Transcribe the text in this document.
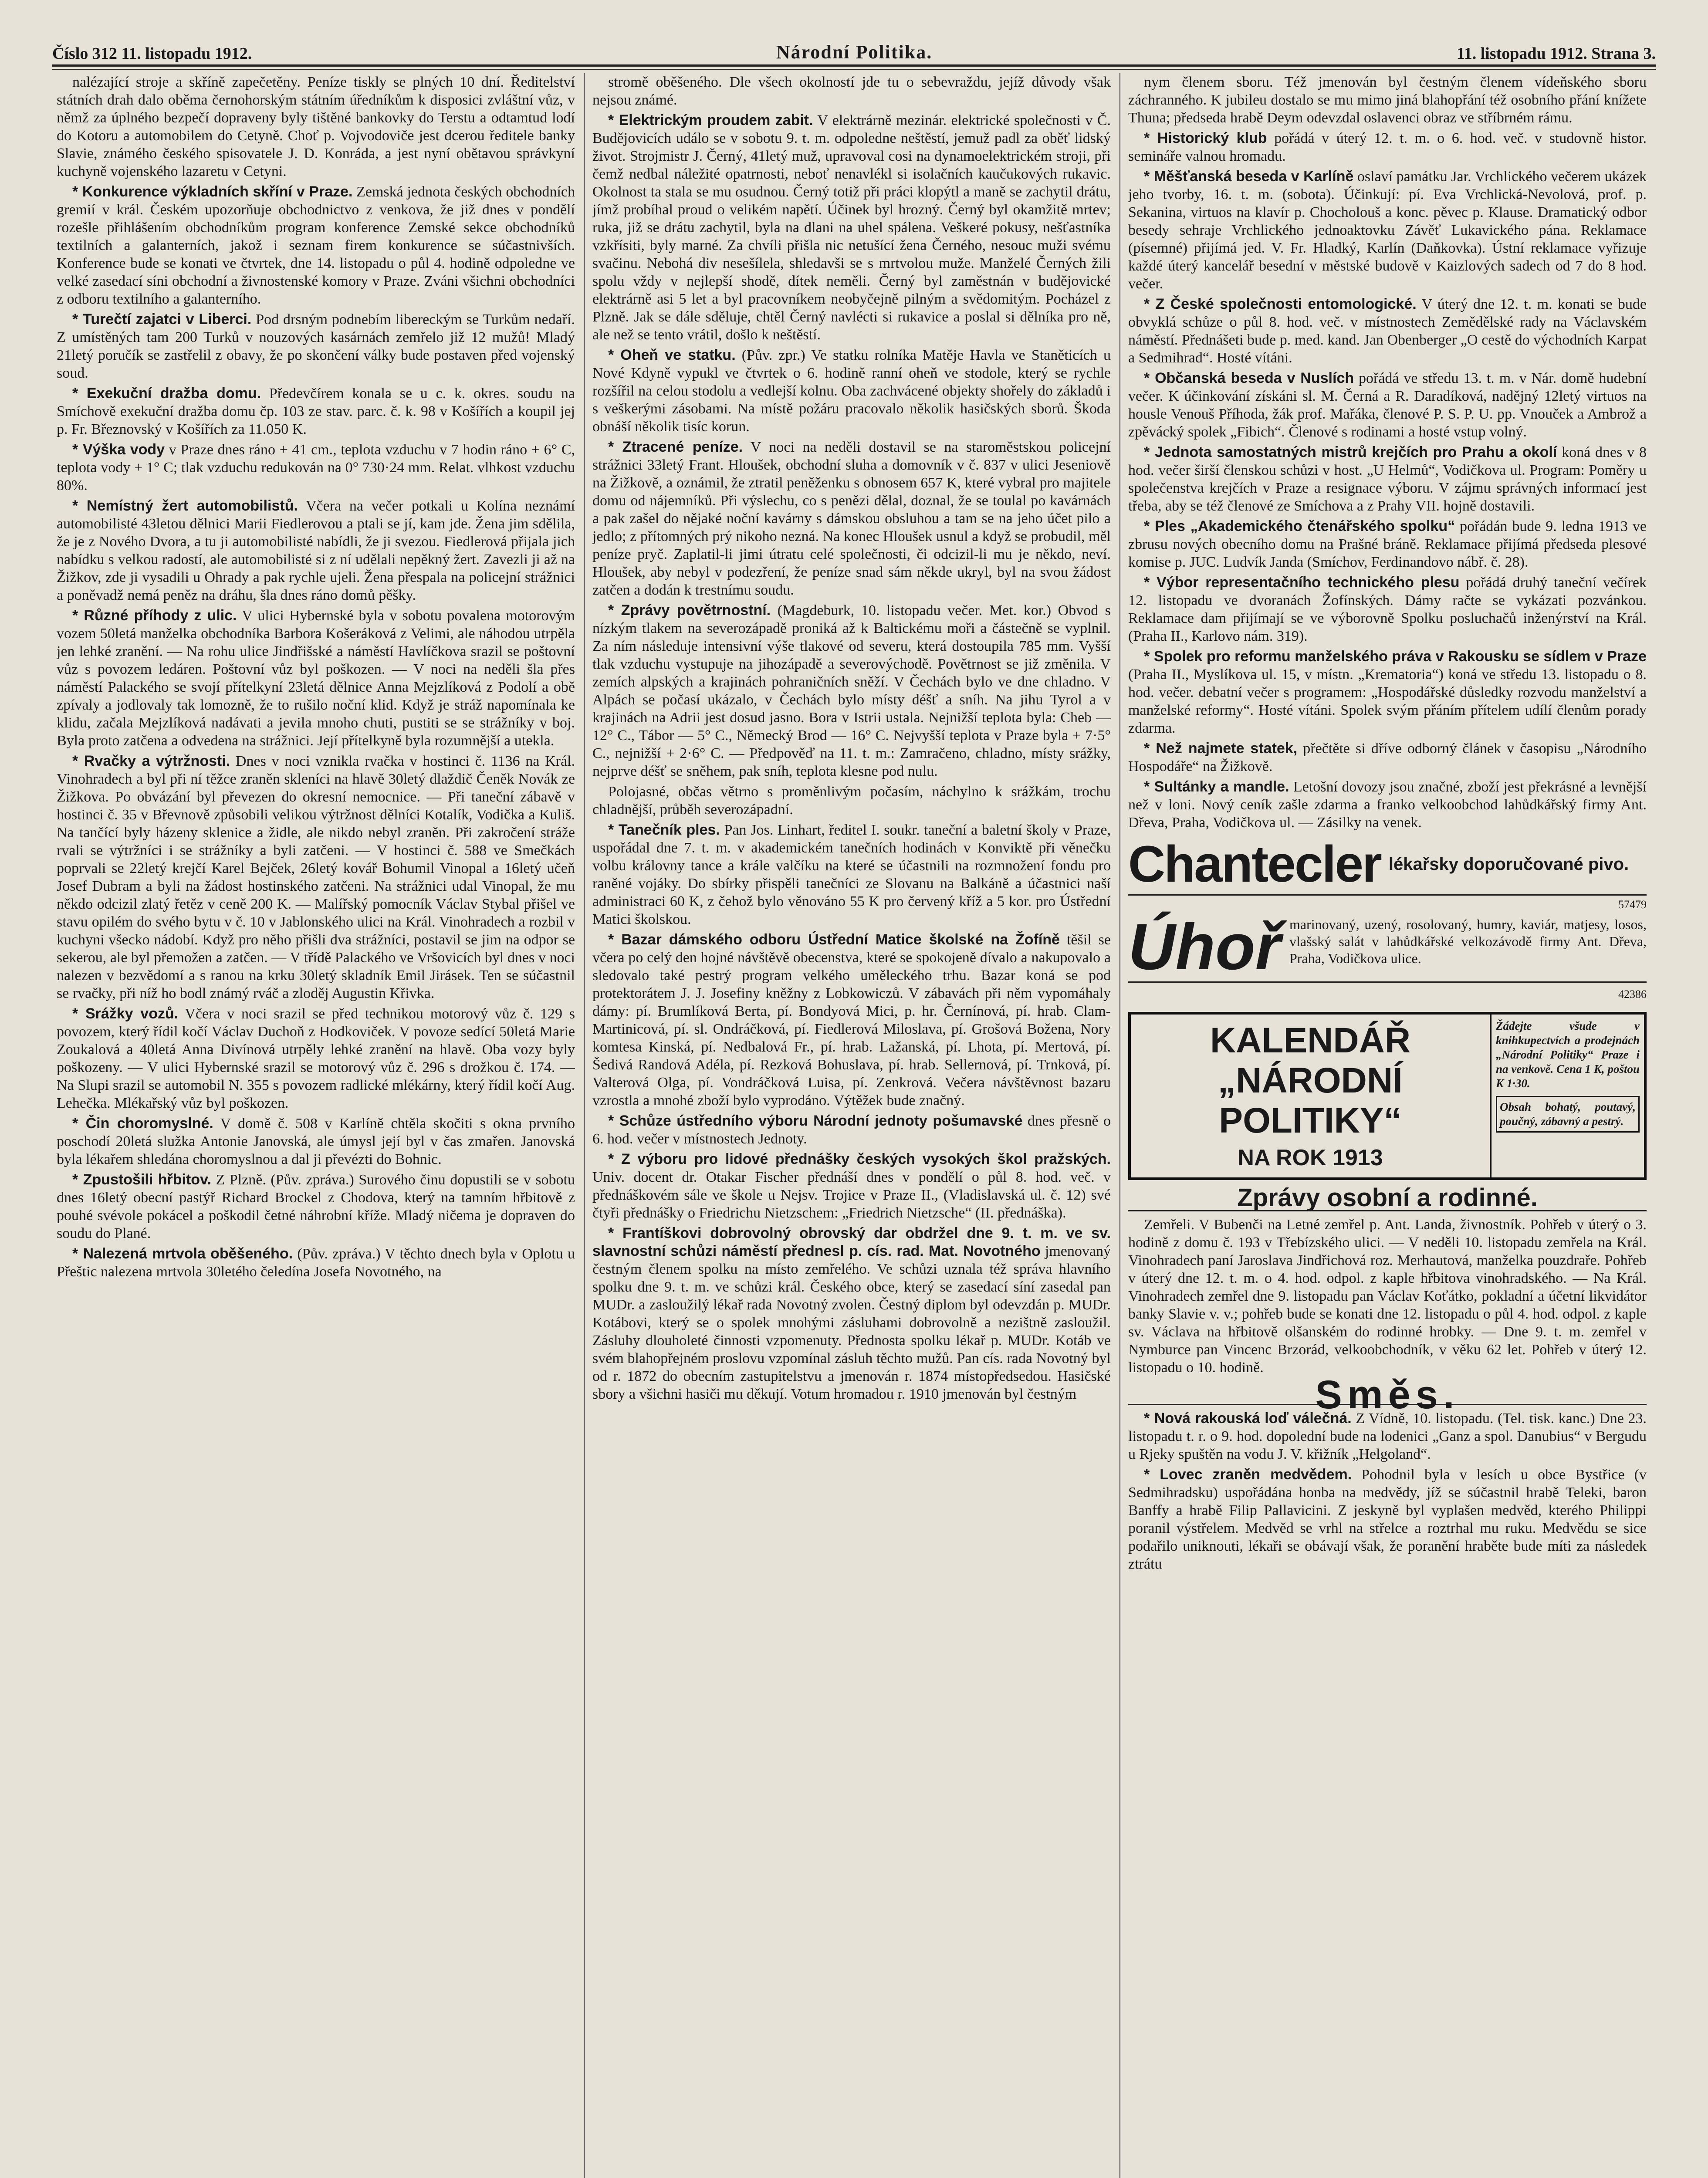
Číslo 312 11. listopadu 1912.	Národní Politika.	11. listopadu 1912. Strana 3.

nalézající stroje a skříně zapečetěny. Peníze tiskly se plných 10 dní. Ředitelství státních drah dalo oběma černohorským státním úředníkům k disposici zvláštní vůz, v němž za úplného bezpečí dopraveny byly tištěné bankovky do Terstu a odtamtud lodí do Kotoru a automobilem do Cetyně. Choť p. Vojvodoviče jest dcerou ředitele banky Slavie, známého českého spisovatele J. D. Konráda, a jest nyní obětavou správkyní kuchyně vojenského lazaretu v Cetyni.

* Konkurence výkladních skříní v Praze. Zemská jednota českých obchodních gremií v král. Českém upozorňuje obchodnictvo z venkova, že již dnes v pondělí rozešle přihlášením obchodníkům program konference Zemské sekce obchodníků textilních a galanterních, jakož i seznam firem konkurence se súčastnivších. Konference bude se konati ve čtvrtek, dne 14. listopadu o půl 4. hodině odpoledne ve velké zasedací síni obchodní a živnostenské komory v Praze. Zváni všichni obchodníci z odboru textilního a galanterního.

* Turečtí zajatci v Liberci. Pod drsným podnebím libereckým se Turkům nedaří. Z umístěných tam 200 Turků v nouzových kasárnách zemřelo již 12 mužů! Mladý 21letý poručík se zastřelil z obavy, že po skončení války bude postaven před vojenský soud.

* Exekuční dražba domu. Předevčírem konala se u c. k. okres. soudu na Smíchově exekuční dražba domu čp. 103 ze stav. parc. č. k. 98 v Košířích a koupil jej p. Fr. Březnovský v Košířích za 11.050 K.

* Výška vody v Praze dnes ráno + 41 cm., teplota vzduchu v 7 hodin ráno + 6° C, teplota vody + 1° C; tlak vzduchu redukován na 0° 730·24 mm. Relat. vlhkost vzduchu 80%.

* Nemístný žert automobilistů. Včera na večer potkali u Kolína neznámí automobilisté 43letou dělnici Marii Fiedlerovou a ptali se jí, kam jde. Žena jim sdělila, že je z Nového Dvora, a tu ji automobilisté nabídli, že ji svezou. Fiedlerová přijala jich nabídku s velkou radostí, ale automobilisté si z ní udělali nepěkný žert. Zavezli ji až na Žižkov, zde ji vysadili u Ohrady a pak rychle ujeli. Žena přespala na policejní strážnici a poněvadž nemá peněz na dráhu, šla dnes ráno domů pěšky.

* Různé příhody z ulic. V ulici Hybernské byla v sobotu povalena motorovým vozem 50letá manželka obchodníka Barbora Košeráková z Velimi, ale náhodou utrpěla jen lehké zranění. — Na rohu ulice Jindřišské a náměstí Havlíčkova srazil se poštovní vůz s povozem ledáren. Poštovní vůz byl poškozen. — V noci na neděli šla přes náměstí Palackého se svojí přítelkyní 23letá dělnice Anna Mejzlíková z Podolí a obě zpívaly a jodlovaly tak lomozně, že to rušilo noční klid. Když je stráž napomínala ke klidu, začala Mejzlíková nadávati a jevila mnoho chuti, pustiti se se strážníky v boj. Byla proto zatčena a odvedena na strážnici. Její přítelkyně byla rozumnější a utekla.

* Rvačky a výtržnosti. Dnes v noci vznikla rvačka v hostinci č. 1136 na Král. Vinohradech a byl při ní těžce zraněn skleníci na hlavě 30letý dlaždič Čeněk Novák ze Žižkova. Po obvázání byl převezen do okresní nemocnice. — Při taneční zábavě v hostinci č. 35 v Břevnově způsobili velikou výtržnost dělníci Kotalík, Vodička a Kuliš. Na tančící byly házeny sklenice a židle, ale nikdo nebyl zraněn. Při zakročení stráže rvali se výtržníci i se strážníky a byli zatčeni. — V hostinci č. 588 ve Smečkách poprvali se 22letý krejčí Karel Bejček, 26letý kovář Bohumil Vinopal a 16letý učeň Josef Dubram a byli na žádost hostinského zatčeni. Na strážnici udal Vinopal, že mu někdo odcizil zlatý řetěz v ceně 200 K. — Malířský pomocník Václav Stybal přišel ve stavu opilém do svého bytu v č. 10 v Jablonského ulici na Král. Vinohradech a rozbil v kuchyni všecko nádobí. Když pro něho přišli dva strážníci, postavil se jim na odpor se sekerou, ale byl přemožen a zatčen. — V třídě Palackého ve Vršovicích byl dnes v noci nalezen v bezvědomí a s ranou na krku 30letý skladník Emil Jirásek. Ten se súčastnil se rvačky, při níž ho bodl známý rváč a zloděj Augustin Křivka.

* Srážky vozů. Včera v noci srazil se před technikou motorový vůz č. 129 s povozem, který řídil kočí Václav Duchoň z Hodkoviček. V povoze sedící 50letá Marie Zoukalová a 40letá Anna Divínová utrpěly lehké zranění na hlavě. Oba vozy byly poškozeny. — V ulici Hybernské srazil se motorový vůz č. 296 s drožkou č. 174. — Na Slupi srazil se automobil N. 355 s povozem radlické mlékárny, který řídil kočí Aug. Lehečka. Mlékařský vůz byl poškozen.

* Čin choromyslné. V domě č. 508 v Karlíně chtěla skočiti s okna prvního poschodí 20letá služka Antonie Janovská, ale úmysl její byl v čas zmařen. Janovská byla lékařem shledána choromyslnou a dal ji převézti do Bohnic.

* Zpustošili hřbitov. Z Plzně. (Pův. zpráva.) Surového činu dopustili se v sobotu dnes 16letý obecní pastýř Richard Brockel z Chodova, který na tamním hřbitově z pouhé svévole pokácel a poškodil četné náhrobní kříže. Mladý ničema je dopraven do soudu do Plané.

* Nalezená mrtvola oběšeného. (Pův. zpráva.) V těchto dnech byla v Oplotu u Přeštic nalezena mrtvola 30letého čeledína Josefa Novotného, na

stromě oběšeného. Dle všech okolností jde tu o sebevraždu, jejíž důvody však nejsou známé.

* Elektrickým proudem zabit. V elektrárně mezinár. elektrické společnosti v Č. Budějovicích událo se v sobotu 9. t. m. odpoledne neštěstí, jemuž padl za oběť lidský život. Strojmistr J. Černý, 41letý muž, upravoval cosi na dynamoelektrickém stroji, při čemž nedbal náležité opatrnosti, neboť nenavlékl si isolačních kaučukových rukavic. Okolnost ta stala se mu osudnou. Černý totiž při práci klopýtl a maně se zachytil drátu, jímž probíhal proud o velikém napětí. Účinek byl hrozný. Černý byl okamžitě mrtev; ruka, již se drátu zachytil, byla na dlani na uhel spálena. Veškeré pokusy, nešťastníka vzkřísiti, byly marné. Za chvíli přišla nic netušící žena Černého, nesouc muži svému svačinu. Nebohá div nesešílela, shledavši se s mrtvolou muže. Manželé Černých žili spolu vždy v nejlepší shodě, dítek neměli. Černý byl zaměstnán v budějovické elektrárně asi 5 let a byl pracovníkem neobyčejně pilným a svědomitým. Pocházel z Plzně. Jak se dále sděluje, chtěl Černý navlécti si rukavice a poslal si dělníka pro ně, ale než se tento vrátil, došlo k neštěstí.

* Oheň ve statku. (Pův. zpr.) Ve statku rolníka Matěje Havla ve Staněticích u Nové Kdyně vypukl ve čtvrtek o 6. hodině ranní oheň ve stodole, který se rychle rozšířil na celou stodolu a vedlejší kolnu. Oba zachvácené objekty shořely do základů i s veškerými zásobami. Na místě požáru pracovalo několik hasičských sborů. Škoda obnáší několik tisíc korun.

* Ztracené peníze. V noci na neděli dostavil se na staroměstskou policejní strážnici 33letý Frant. Hloušek, obchodní sluha a domovník v č. 837 v ulici Jeseniově na Žižkově, a oznámil, že ztratil peněženku s obnosem 657 K, které vybral pro majitele domu od nájemníků. Při výslechu, co s penězi dělal, doznal, že se toulal po kavárnách a pak zašel do nějaké noční kavárny s dámskou obsluhou a tam se na jeho účet pilo a jedlo; z přítomných prý nikoho nezná. Na konec Hloušek usnul a když se probudil, měl peníze pryč. Zaplatil-li jimi útratu celé společnosti, či odcizil-li mu je někdo, neví. Hloušek, aby nebyl v podezření, že peníze snad sám někde ukryl, byl na svou žádost zatčen a dodán k trestnímu soudu.

* Zprávy povětrnostní. (Magdeburk, 10. listopadu večer. Met. kor.) Obvod s nízkým tlakem na severozápadě proniká až k Baltickému moři a částečně se vyplnil. Za ním následuje intensivní výše tlakové od severu, která dostoupila 785 mm. Vyšší tlak vzduchu vystupuje na jihozápadě a severovýchodě. Povětrnost se již změnila. V zemích alpských a krajinách pohraničních sněží. V Čechách bylo ve dne chladno. V Alpách se počasí ukázalo, v Čechách bylo místy déšť a sníh. Na jihu Tyrol a v krajinách na Adrii jest dosud jasno. Bora v Istrii ustala. Nejnižší teplota byla: Cheb — 12° C., Tábor — 5° C., Německý Brod — 16° C. Nejvyšší teplota v Praze byla + 7·5° C., nejnižší + 2·6° C. — Předpověď na 11. t. m.: Zamračeno, chladno, místy srážky, nejprve déšť se sněhem, pak sníh, teplota klesne pod nulu.

Polojasné, občas větrno s proměnlivým počasím, náchylno k srážkám, trochu chladnější, průběh severozápadní.

* Tanečník ples. Pan Jos. Linhart, ředitel I. soukr. taneční a baletní školy v Praze, uspořádal dne 7. t. m. v akademickém tanečních hodinách v Konviktě při věnečku volbu královny tance a krále valčíku na které se účastnili na rozmnožení fondu pro raněné vojáky. Do sbírky přispěli tanečníci ze Slovanu na Balkáně a účastnici naší administraci 60 K, z čehož bylo věnováno 55 K pro červený kříž a 5 kor. pro Ústřední Matici školskou.

* Bazar dámského odboru Ústřední Matice školské na Žofíně těšil se včera po celý den hojné návštěvě obecenstva, které se spokojeně dívalo a nakupovalo a sledovalo také pestrý program velkého uměleckého trhu. Bazar koná se pod protektorátem J. J. Josefiny kněžny z Lobkowiczů. V zábavách při něm vypomáhaly dámy: pí. Brumlíková Berta, pí. Bondyová Mici, p. hr. Černínová, pí. hrab. Clam-Martinicová, pí. sl. Ondráčková, pí. Fiedlerová Miloslava, pí. Grošová Božena, Nory komtesa Kinská, pí. Nedbalová Fr., pí. hrab. Lažanská, pí. Lhota, pí. Mertová, pí. Šedivá Randová Adéla, pí. Rezková Bohuslava, pí. hrab. Sellernová, pí. Trnková, pí. Valterová Olga, pí. Vondráčková Luisa, pí. Zenkrová. Večera návštěvnost bazaru vzrostla a mnohé zboží bylo vyprodáno. Výtěžek bude značný.

* Schůze ústředního výboru Národní jednoty pošumavské dnes přesně o 6. hod. večer v místnostech Jednoty.

* Z výboru pro lidové přednášky českých vysokých škol pražských. Univ. docent dr. Otakar Fischer přednáší dnes v pondělí o půl 8. hod. več. v přednáškovém sále ve škole u Nejsv. Trojice v Praze II., (Vladislavská ul. č. 12) své čtyři přednášky o Friedrichu Nietzschem: „Friedrich Nietzsche“ (II. přednáška).

* Frantíškovi dobrovolný obrovský dar obdržel dne 9. t. m. ve sv. slavnostní schůzi náměstí přednesl p. cís. rad. Mat. Novotného jmenovaný čestným členem spolku na místo zemřelého. Ve schůzi uznala též správa hlavního spolku dne 9. t. m. ve schůzi král. Českého obce, který se zasedací síní zasedal pan MUDr. a zasloužilý lékař rada Novotný zvolen. Čestný diplom byl odevzdán p. MUDr. Kotábovi, který se o spolek mnohými zásluhami dobrovolně a nezištně zasloužil. Zásluhy dlouholeté činnosti vzpomenuty. Přednosta spolku lékař p. MUDr. Kotáb ve svém blahopřejném proslovu vzpomínal zásluh těchto mužů. Pan cís. rada Novotný byl od r. 1872 do obecním zastupitelstvu a jmenován r. 1874 místopředsedou. Hasičské sbory a všichni hasiči mu děkují. Votum hromadou r. 1910 jmenován byl čestným

nym členem sboru. Též jmenován byl čestným členem vídeňského sboru záchranného. K jubileu dostalo se mu mimo jiná blahopřání též osobního přání knížete Thuna; předseda hrabě Deym odevzdal oslavenci obraz ve stříbrném rámu.

* Historický klub pořádá v úterý 12. t. m. o 6. hod. več. v studovně histor. semináře valnou hromadu.

* Měšťanská beseda v Karlíně oslaví památku Jar. Vrchlického večerem ukázek jeho tvorby, 16. t. m. (sobota). Účinkují: pí. Eva Vrchlická-Nevolová, prof. p. Sekanina, virtuos na klavír p. Chocholouš a konc. pěvec p. Klause. Dramatický odbor besedy sehraje Vrchlického jednoaktovku Závěť Lukavického pána. Reklamace (písemné) přijímá jed. V. Fr. Hladký, Karlín (Daňkovka). Ústní reklamace vyřizuje každé úterý kancelář besední v městské budově v Kaizlových sadech od 7 do 8 hod. večer.

* Z České společnosti entomologické. V úterý dne 12. t. m. konati se bude obvyklá schůze o půl 8. hod. več. v místnostech Zemědělské rady na Václavském náměstí. Přednášeti bude p. med. kand. Jan Obenberger „O cestě do východních Karpat a Sedmihrad“. Hosté vítáni.

* Občanská beseda v Nuslích pořádá ve středu 13. t. m. v Nár. domě hudební večer. K účinkování získáni sl. M. Černá a R. Daradíková, nadějný 12letý virtuos na housle Venouš Příhoda, žák prof. Mařáka, členové P. S. P. U. pp. Vnouček a Ambrož a zpěvácký spolek „Fibich“. Členové s rodinami a hosté vstup volný.

* Jednota samostatných mistrů krejčích pro Prahu a okolí koná dnes v 8 hod. večer širší členskou schůzi v host. „U Helmů“, Vodičkova ul. Program: Poměry u společenstva krejčích v Praze a resignace výboru. V zájmu správných informací jest třeba, aby se též členové ze Smíchova a z Prahy VII. hojně dostavili.

* Ples „Akademického čtenářského spolku“ pořádán bude 9. ledna 1913 ve zbrusu nových obecního domu na Prašné bráně. Reklamace přijímá předseda plesové komise p. JUC. Ludvík Janda (Smíchov, Ferdinandovo nábř. č. 28).

* Výbor representačního technického plesu pořádá druhý taneční večírek 12. listopadu ve dvoranách Žofínských. Dámy račte se vykázati pozvánkou. Reklamace dam přijímají se ve výborovně Spolku posluchačů inženýrství na Král. (Praha II., Karlovo nám. 319).

* Spolek pro reformu manželského práva v Rakousku se sídlem v Praze (Praha II., Myslíkova ul. 15, v místn. „Krematoria“) koná ve středu 13. listopadu o 8. hod. večer. debatní večer s programem: „Hospodářské důsledky rozvodu manželství a manželské reformy“. Hosté vítáni. Spolek svým přáním přítelem udílí členům porady zdarma.

* Než najmete statek, přečtěte si dříve odborný článek v časopisu „Národního Hospodáře“ na Žižkově.

* Sultánky a mandle. Letošní dovozy jsou značné, zboží jest překrásné a levnější než v loni. Nový ceník zašle zdarma a franko velkoobchod lahůdkářský firmy Ant. Dřeva, Praha, Vodičkova ul. — Zásilky na venek.

Chantecler lékařsky doporučované pivo.
57479
Úhoř marinovaný, uzený, rosolovaný, humry, kaviár, matjesy, losos, vlašský salát v lahůdkářské velkozávodě firmy Ant. Dřeva, Praha, Vodičkova ulice.
42386
KALENDÁŘ
„NÁRODNÍ POLITIKY“
NA ROK 1913
Žádejte všude v knihkupectvích a prodejnách „Národní Politiky“ Praze i na venkově. Cena 1 K, poštou K 1·30.
Obsah bohatý, poutavý, poučný, zábavný a pestrý.
Zprávy osobní a rodinné.

Zemřeli. V Bubenči na Letné zemřel p. Ant. Landa, živnostník. Pohřeb v úterý o 3. hodině z domu č. 193 v Třebízského ulici. — V neděli 10. listopadu zemřela na Král. Vinohradech paní Jaroslava Jindřichová roz. Merhautová, manželka pouzdraře. Pohřeb v úterý dne 12. t. m. o 4. hod. odpol. z kaple hřbitova vinohradského. — Na Král. Vinohradech zemřel dne 9. listopadu pan Václav Koťátko, pokladní a účetní likvidátor banky Slavie v. v.; pohřeb bude se konati dne 12. listopadu o půl 4. hod. odpol. z kaple sv. Václava na hřbitově olšanském do rodinné hrobky. — Dne 9. t. m. zemřel v Nymburce pan Vincenc Brzorád, velkoobchodník, v věku 62 let. Pohřeb v úterý 12. listopadu o 10. hodině.

Směs.

* Nová rakouská loď válečná. Z Vídně, 10. listopadu. (Tel. tisk. kanc.) Dne 23. listopadu t. r. o 9. hod. dopolední bude na lodenici „Ganz a spol. Danubius“ v Bergudu u Rjeky spuštěn na vodu J. V. křižník „Helgoland“.

* Lovec zraněn medvědem. Pohodnil byla v lesích u obce Bystřice (v Sedmihradsku) uspořádána honba na medvědy, jíž se súčastnil hrabě Teleki, baron Banffy a hrabě Filip Pallavicini. Z jeskyně byl vyplašen medvěd, kterého Philippi poranil výstřelem. Medvěd se vrhl na střelce a roztrhal mu ruku. Medvědu se sice podařilo uniknouti, lékaři se obávají však, že poranění hraběte bude míti za následek ztrátu
